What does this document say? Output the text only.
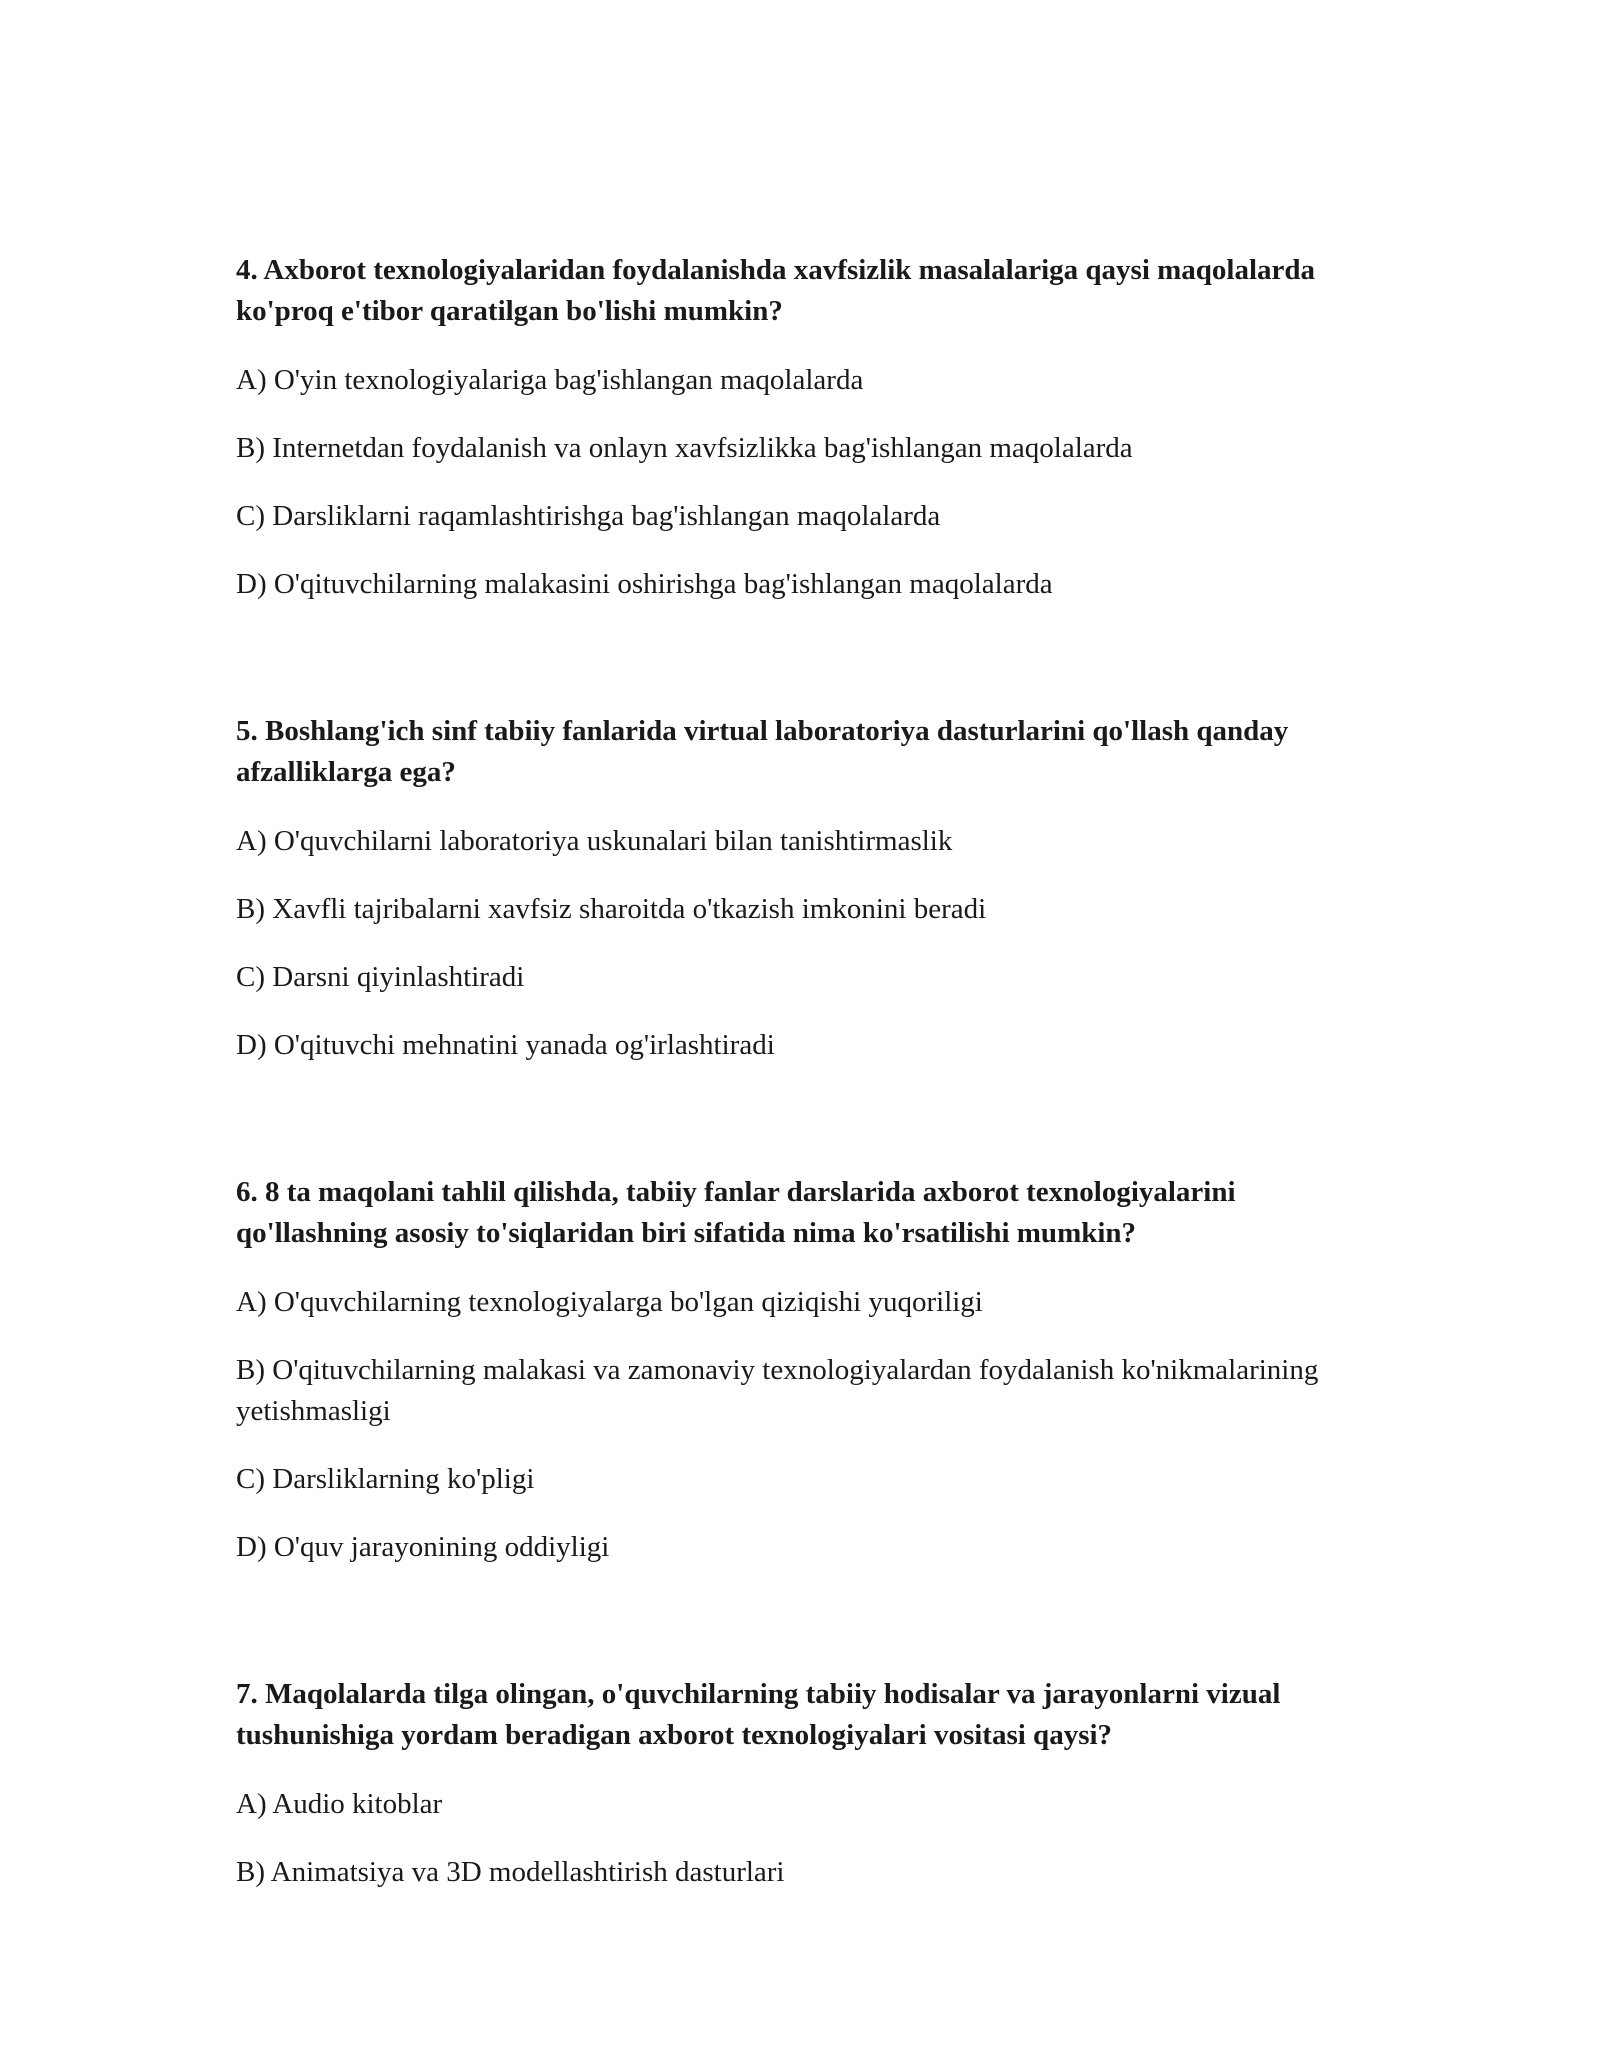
4. Axborot texnologiyalaridan foydalanishda xavfsizlik masalalariga qaysi maqolalarda ko'proq e'tibor qaratilgan bo'lishi mumkin?

A) O'yin texnologiyalariga bag'ishlangan maqolalarda
B) Internetdan foydalanish va onlayn xavfsizlikka bag'ishlangan maqolalarda
C) Darsliklarni raqamlashtirishga bag'ishlangan maqolalarda
D) O'qituvchilarning malakasini oshirishga bag'ishlangan maqolalarda

5. Boshlang'ich sinf tabiiy fanlarida virtual laboratoriya dasturlarini qo'llash qanday afzalliklarga ega?

A) O'quvchilarni laboratoriya uskunalari bilan tanishtirmaslik
B) Xavfli tajribalarni xavfsiz sharoitda o'tkazish imkonini beradi
C) Darsni qiyinlashtiradi
D) O'qituvchi mehnatini yanada og'irlashtiradi

6. 8 ta maqolani tahlil qilishda, tabiiy fanlar darslarida axborot texnologiyalarini qo'llashning asosiy to'siqlaridan biri sifatida nima ko'rsatilishi mumkin?

A) O'quvchilarning texnologiyalarga bo'lgan qiziqishi yuqoriligi
B) O'qituvchilarning malakasi va zamonaviy texnologiyalardan foydalanish ko'nikmalarining yetishmasligi
C) Darsliklarning ko'pligi
D) O'quv jarayonining oddiyligi

7. Maqolalarda tilga olingan, o'quvchilarning tabiiy hodisalar va jarayonlarni vizual tushunishiga yordam beradigan axborot texnologiyalari vositasi qaysi?

A) Audio kitoblar
B) Animatsiya va 3D modellashtirish dasturlari
